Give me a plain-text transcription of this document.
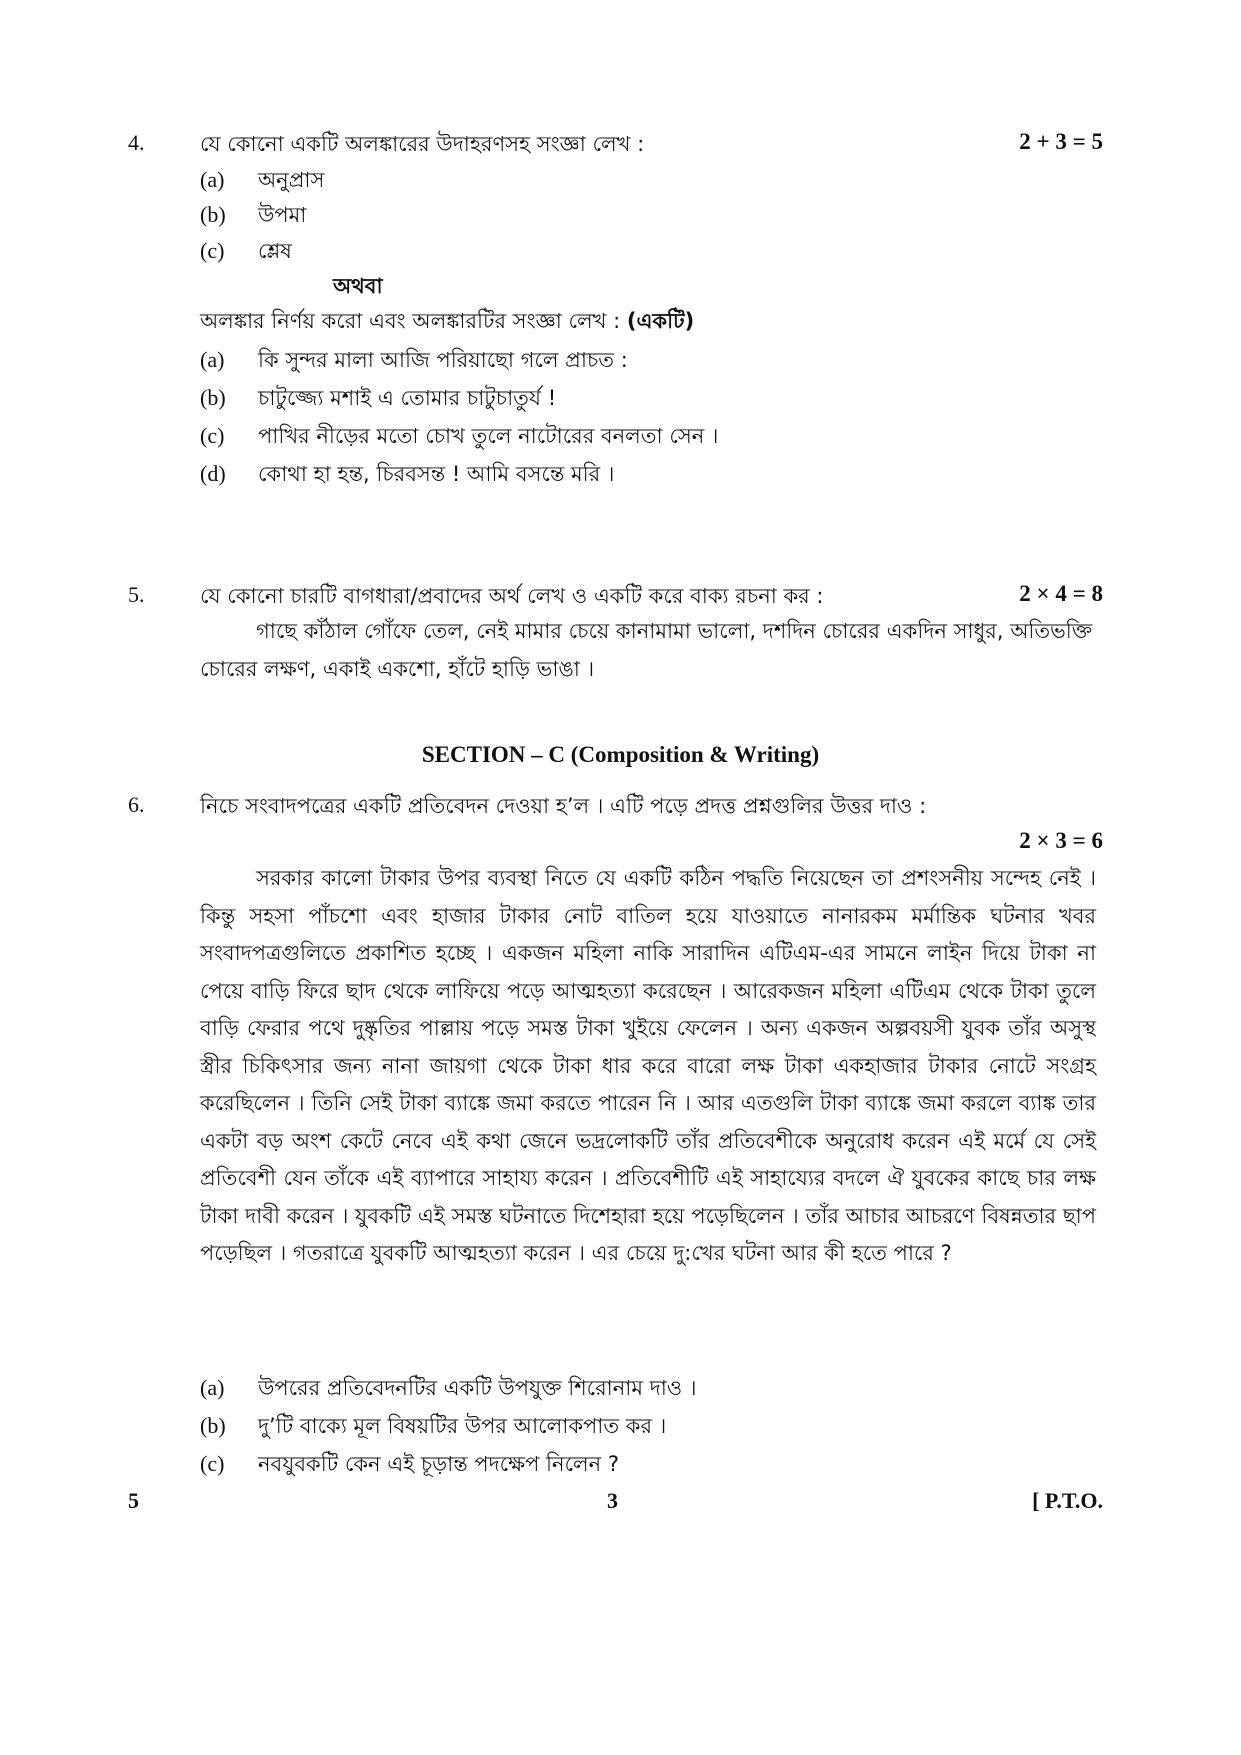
4.	যে কোনো একটি অলঙ্কারের উদাহরণসহ সংজ্ঞা লেখ :	2 + 3 = 5
(a) অনুপ্রাস
(b) উপমা
(c) শ্লেষ
অথবা
অলঙ্কার নির্ণয় করো এবং অলঙ্কারটির সংজ্ঞা লেখ : (একটি)
(a) কি সুন্দর মালা আজি পরিয়াছো গলে প্রাচত :
(b) চাটুজ্জ্যে মশাই এ তোমার চাটুচাতুর্য !
(c) পাখির নীড়ের মতো চোখ তুলে নাটোরের বনলতা সেন ।
(d) কোথা হা হন্ত, চিরবসন্ত ! আমি বসন্তে মরি ।
5.	যে কোনো চারটি বাগধারা/প্রবাদের অর্থ লেখ ও একটি করে বাক্য রচনা কর :	2 × 4 = 8
গাছে কাঁঠাল গোঁফে তেল, নেই মামার চেয়ে কানামামা ভালো, দশদিন চোরের একদিন সাধুর, অতিভক্তি চোরের লক্ষণ, একাই একশো, হাঁটে হাড়ি ভাঙা ।
SECTION – C (Composition & Writing)
6.	নিচে সংবাদপত্রের একটি প্রতিবেদন দেওয়া হ’ল । এটি পড়ে প্রদত্ত প্রশ্নগুলির উত্তর দাও :
2 × 3 = 6
সরকার কালো টাকার উপর ব্যবস্থা নিতে যে একটি কঠিন পদ্ধতি নিয়েছেন তা প্রশংসনীয় সন্দেহ নেই । কিন্তু সহসা পাঁচশো এবং হাজার টাকার নোট বাতিল হয়ে যাওয়াতে নানারকম মর্মান্তিক ঘটনার খবর সংবাদপত্রগুলিতে প্রকাশিত হচ্ছে । একজন মহিলা নাকি সারাদিন এটিএম-এর সামনে লাইন দিয়ে টাকা না পেয়ে বাড়ি ফিরে ছাদ থেকে লাফিয়ে পড়ে আত্মহত্যা করেছেন । আরেকজন মহিলা এটিএম থেকে টাকা তুলে বাড়ি ফেরার পথে দুষ্কৃতির পাল্লায় পড়ে সমস্ত টাকা খুইয়ে ফেলেন । অন্য একজন অল্পবয়সী যুবক তাঁর অসুস্থ স্ত্রীর চিকিৎসার জন্য নানা জায়গা থেকে টাকা ধার করে বারো লক্ষ টাকা একহাজার টাকার নোটে সংগ্রহ করেছিলেন । তিনি সেই টাকা ব্যাঙ্কে জমা করতে পারেন নি । আর এতগুলি টাকা ব্যাঙ্কে জমা করলে ব্যাঙ্ক তার একটা বড় অংশ কেটে নেবে এই কথা জেনে ভদ্রলোকটি তাঁর প্রতিবেশীকে অনুরোধ করেন এই মর্মে যে সেই প্রতিবেশী যেন তাঁকে এই ব্যাপারে সাহায্য করেন । প্রতিবেশীটি এই সাহায্যের বদলে ঐ যুবকের কাছে চার লক্ষ টাকা দাবী করেন । যুবকটি এই সমস্ত ঘটনাতে দিশেহারা হয়ে পড়েছিলেন । তাঁর আচার আচরণে বিষন্নতার ছাপ পড়েছিল । গতরাত্রে যুবকটি আত্মহত্যা করেন । এর চেয়ে দু:খের ঘটনা আর কী হতে পারে ?
(a) উপরের প্রতিবেদনটির একটি উপযুক্ত শিরোনাম দাও ।
(b) দু’টি বাক্যে মূল বিষয়টির উপর আলোকপাত কর ।
(c) নবযুবকটি কেন এই চূড়ান্ত পদক্ষেপ নিলেন ?
5	3	[ P.T.O.
